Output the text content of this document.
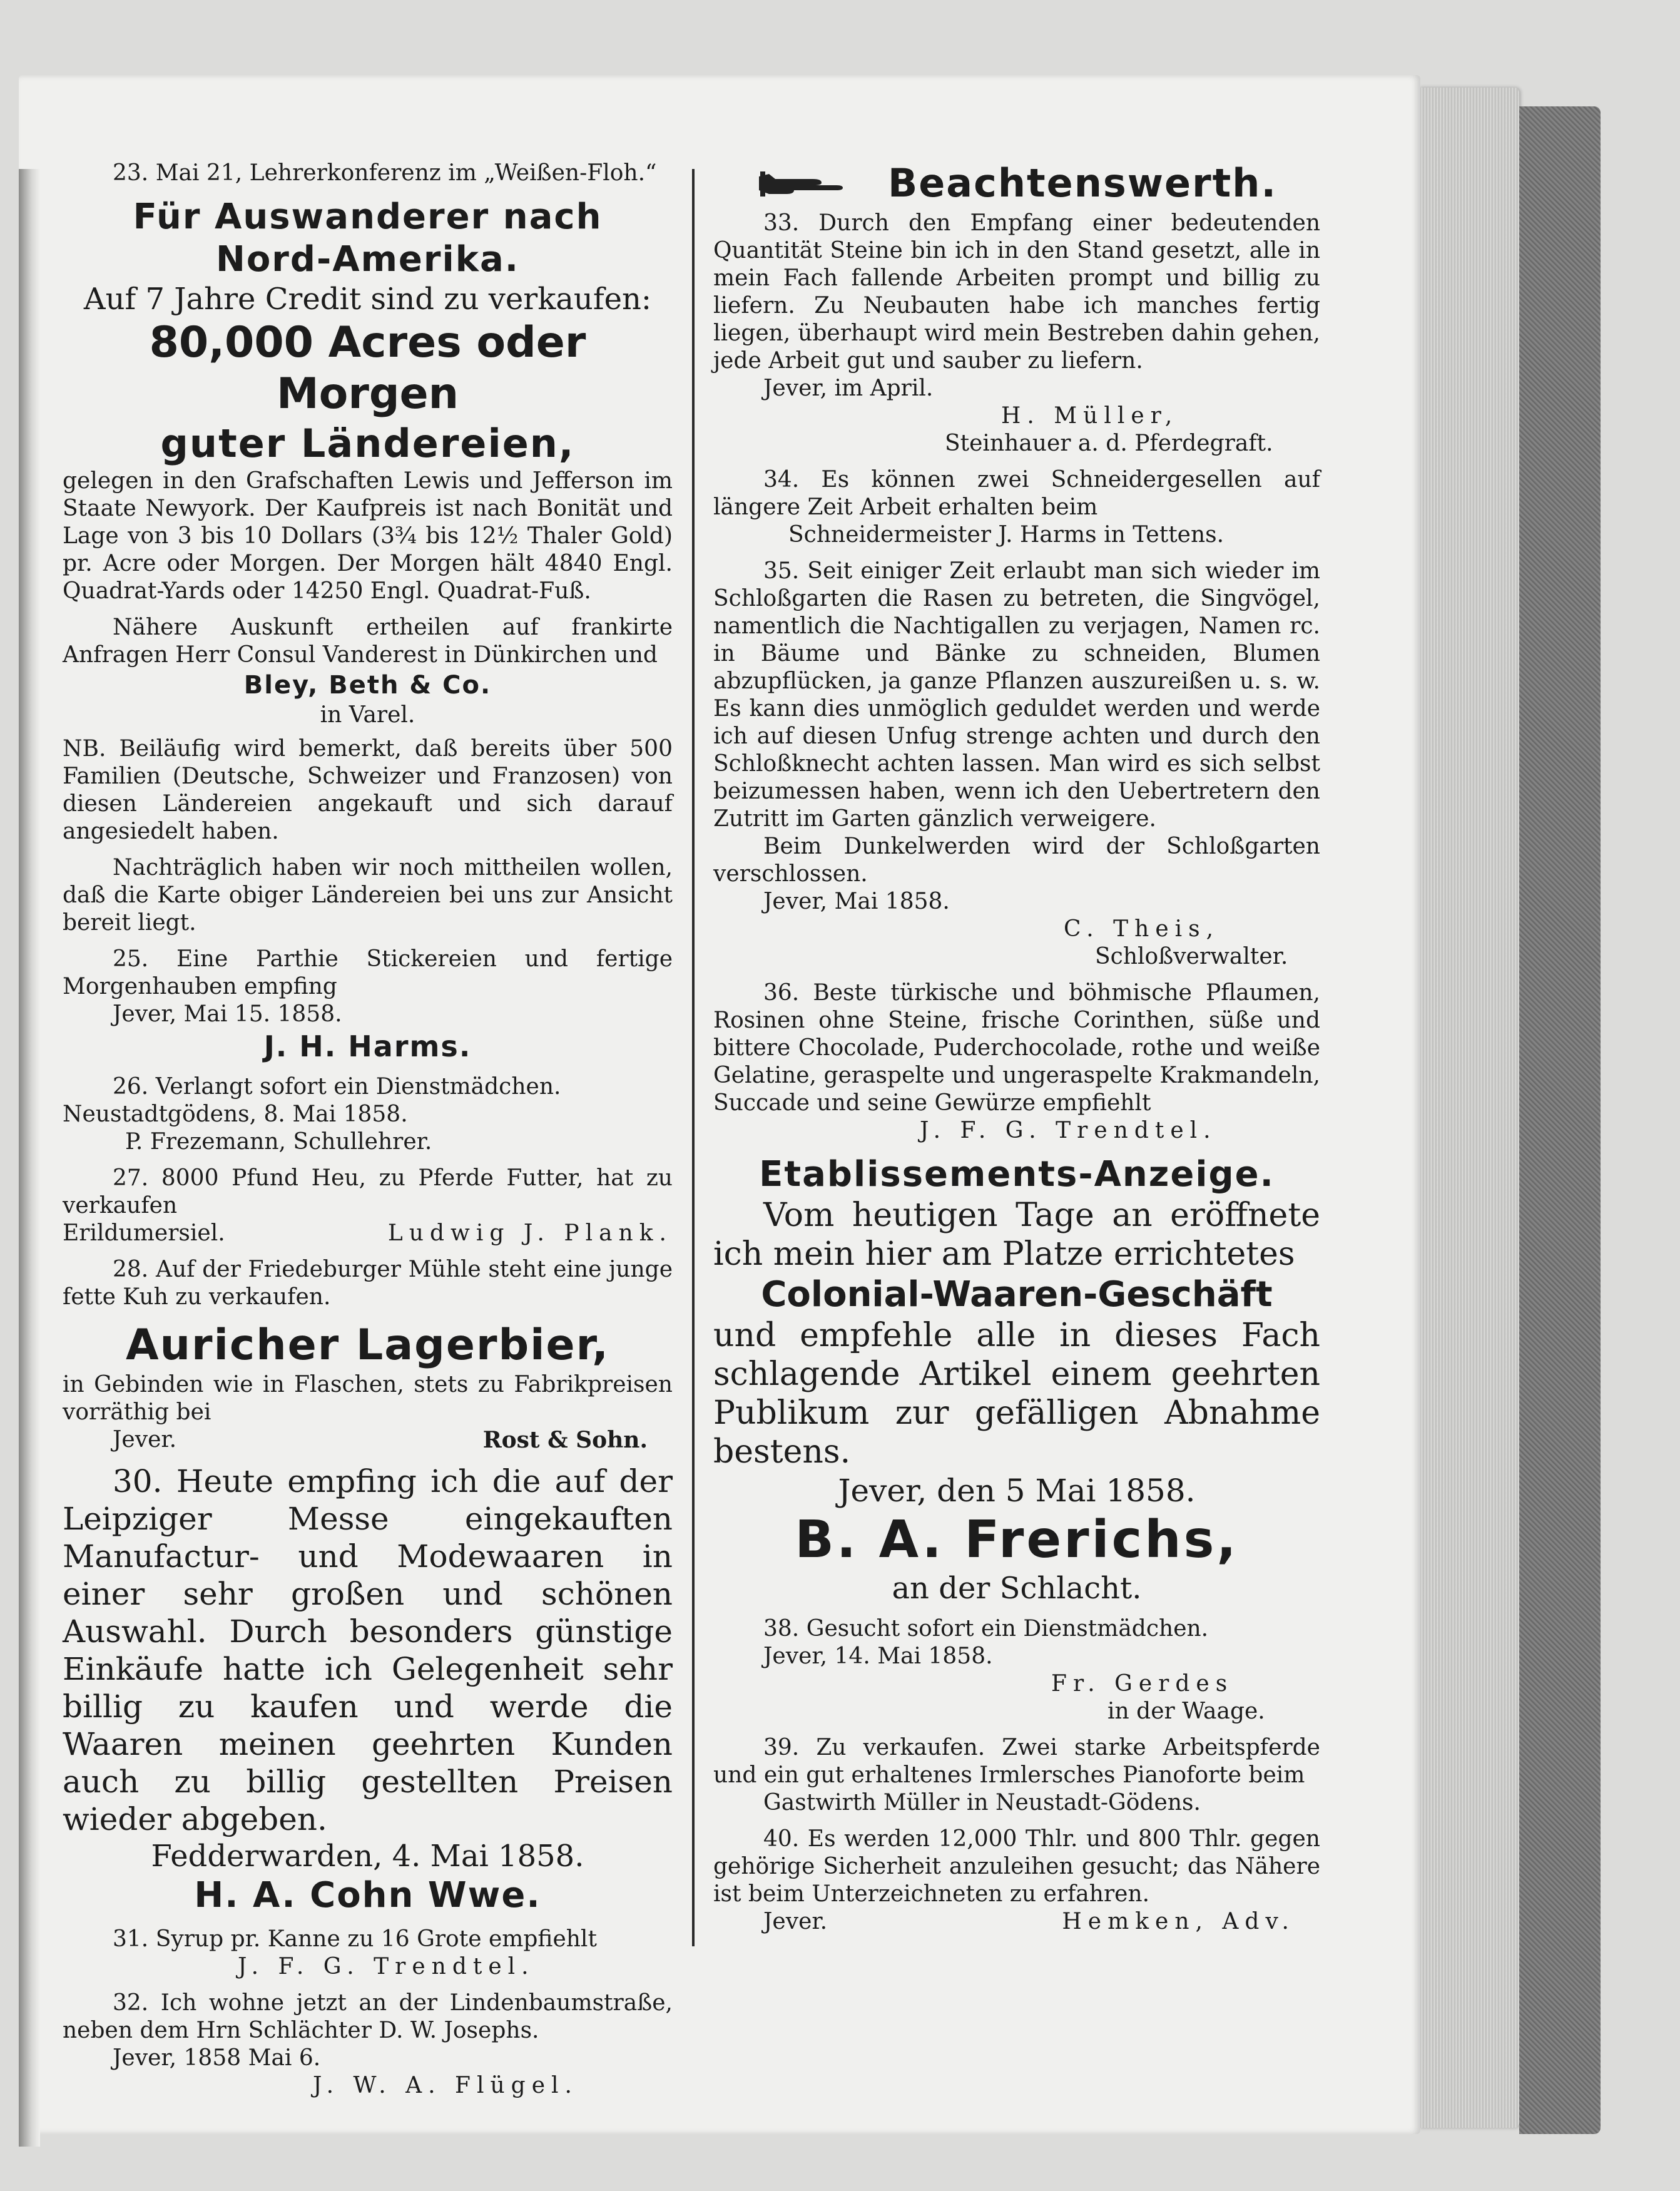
23. Mai 21, Lehrerkonferenz im „Weißen-Floh.“

Für Auswanderer nach
Nord-Amerika.
Auf 7 Jahre Credit sind zu verkaufen:
80,000 Acres oder Morgen
guter Ländereien,

gelegen in den Grafschaften Lewis und Jefferson im Staate Newyork. Der Kaufpreis ist nach Bonität und Lage von 3 bis 10 Dollars (3¾ bis 12½ Thaler Gold) pr. Acre oder Morgen. Der Morgen hält 4840 Engl. Quadrat-Yards oder 14250 Engl. Quadrat-Fuß.

Nähere Auskunft ertheilen auf frankirte Anfragen Herr Consul Vanderest in Dünkirchen und

Bley, Beth & Co.
in Varel.

NB. Beiläufig wird bemerkt, daß bereits über 500 Familien (Deutsche, Schweizer und Franzosen) von diesen Ländereien angekauft und sich darauf angesiedelt haben.

Nachträglich haben wir noch mittheilen wollen, daß die Karte obiger Ländereien bei uns zur Ansicht bereit liegt.

25. Eine Parthie Stickereien und fertige Morgenhauben empfing

Jever, Mai 15. 1858.
J. H. Harms.
26. Verlangt sofort ein Dienstmädchen.
Neustadtgödens, 8. Mai 1858.
P. Frezemann, Schullehrer.

27. 8000 Pfund Heu, zu Pferde Futter, hat zu verkaufen

Erildumersiel.	Ludwig J. Plank.

28. Auf der Friedeburger Mühle steht eine junge fette Kuh zu verkaufen.

Auricher Lagerbier,

in Gebinden wie in Flaschen, stets zu Fabrikpreisen vorräthig bei

Jever.	Rost & Sohn.
30. Heute empfing ich die auf der Leipziger Messe eingekauften Manufactur- und Modewaaren in einer sehr großen und schönen Auswahl. Durch besonders günstige Einkäufe hatte ich Gelegenheit sehr billig zu kaufen und werde die Waaren meinen geehrten Kunden auch zu billig gestellten Preisen wieder abgeben.
Fedderwarden, 4. Mai 1858.
H. A. Cohn Wwe.
31. Syrup pr. Kanne zu 16 Grote empfiehlt
J. F. G. Trendtel.

32. Ich wohne jetzt an der Lindenbaumstraße, neben dem Hrn Schlächter D. W. Josephs.

Jever, 1858 Mai 6.
J. W. A. Flügel.
Beachtenswerth.

33. Durch den Empfang einer bedeutenden Quantität Steine bin ich in den Stand gesetzt, alle in mein Fach fallende Arbeiten prompt und billig zu liefern. Zu Neubauten habe ich manches fertig liegen, überhaupt wird mein Bestreben dahin gehen, jede Arbeit gut und sauber zu liefern.

Jever, im April.
H. Müller,
Steinhauer a. d. Pferdegraft.

34. Es können zwei Schneidergesellen auf längere Zeit Arbeit erhalten beim

Schneidermeister J. Harms in Tettens.

35. Seit einiger Zeit erlaubt man sich wieder im Schloßgarten die Rasen zu betreten, die Singvögel, namentlich die Nachtigallen zu verjagen, Namen rc. in Bäume und Bänke zu schneiden, Blumen abzupflücken, ja ganze Pflanzen auszureißen u. s. w. Es kann dies unmöglich geduldet werden und werde ich auf diesen Unfug strenge achten und durch den Schloßknecht achten lassen. Man wird es sich selbst beizumessen haben, wenn ich den Uebertretern den Zutritt im Garten gänzlich verweigere.

Beim Dunkelwerden wird der Schloßgarten verschlossen.

Jever, Mai 1858.
C. Theis,
Schloßverwalter.

36. Beste türkische und böhmische Pflaumen, Rosinen ohne Steine, frische Corinthen, süße und bittere Chocolade, Puderchocolade, rothe und weiße Gelatine, geraspelte und ungeraspelte Krakmandeln, Succade und seine Gewürze empfiehlt

J. F. G. Trendtel.
Etablissements-Anzeige.
Vom heutigen Tage an eröffnete ich mein hier am Platze errichtetes
Colonial-Waaren-Geschäft
und empfehle alle in dieses Fach schlagende Artikel einem geehrten Publikum zur gefälligen Abnahme bestens.
Jever, den 5 Mai 1858.
B. A. Frerichs,
an der Schlacht.
38. Gesucht sofort ein Dienstmädchen.
Jever, 14. Mai 1858.
Fr. Gerdes
in der Waage.

39. Zu verkaufen. Zwei starke Arbeitspferde und ein gut erhaltenes Irmlersches Pianoforte beim

Gastwirth Müller in Neustadt-Gödens.

40. Es werden 12,000 Thlr. und 800 Thlr. gegen gehörige Sicherheit anzuleihen gesucht; das Nähere ist beim Unterzeichneten zu erfahren.

Jever.	Hemken, Adv.
